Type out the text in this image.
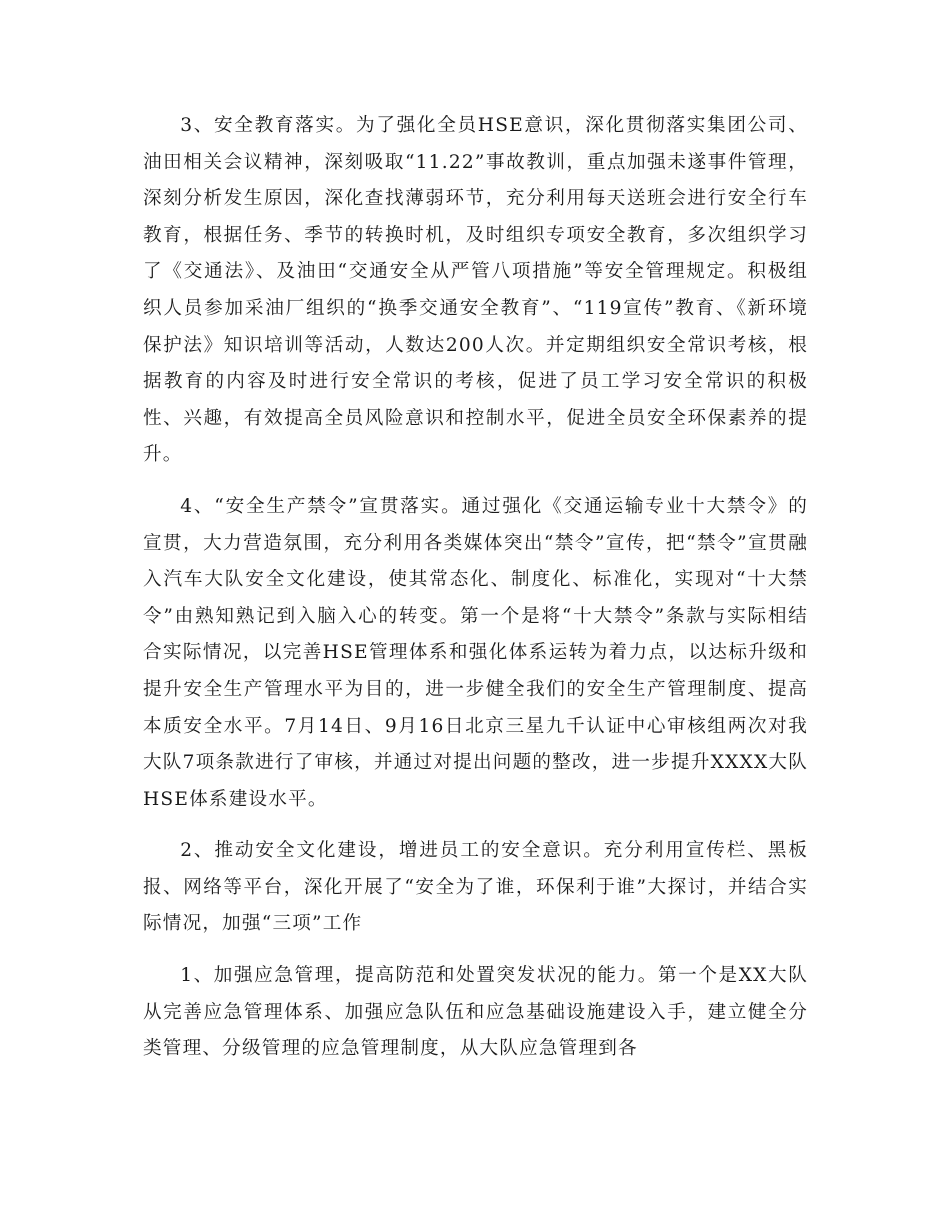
3、安全教育落实。为了强化全员HSE意识，深化贯彻落实集团公司、油田相关会议精神，深刻吸取“11.22”事故教训，重点加强未遂事件管理，深刻分析发生原因，深化查找薄弱环节，充分利用每天送班会进行安全行车教育，根据任务、季节的转换时机，及时组织专项安全教育，多次组织学习了《交通法》、及油田“交通安全从严管八项措施”等安全管理规定。积极组织人员参加采油厂组织的“换季交通安全教育”、“119宣传”教育、《新环境保护法》知识培训等活动，人数达200人次。并定期组织安全常识考核，根据教育的内容及时进行安全常识的考核，促进了员工学习安全常识的积极性、兴趣，有效提高全员风险意识和控制水平，促进全员安全环保素养的提升。

4、“安全生产禁令”宣贯落实。通过强化《交通运输专业十大禁令》的宣贯，大力营造氛围，充分利用各类媒体突出“禁令”宣传，把“禁令”宣贯融入汽车大队安全文化建设，使其常态化、制度化、标准化，实现对“十大禁令”由熟知熟记到入脑入心的转变。第一个是将“十大禁令”条款与实际相结合实际情况，以完善HSE管理体系和强化体系运转为着力点，以达标升级和提升安全生产管理水平为目的，进一步健全我们的安全生产管理制度、提高本质安全水平。7月14日、9月16日北京三星九千认证中心审核组两次对我大队7项条款进行了审核，并通过对提出问题的整改，进一步提升XXXX大队HSE体系建设水平。

2、推动安全文化建设，增进员工的安全意识。充分利用宣传栏、黑板报、网络等平台，深化开展了“安全为了谁，环保利于谁”大探讨，并结合实际情况，加强“三项”工作

1、加强应急管理，提高防范和处置突发状况的能力。第一个是XX大队从完善应急管理体系、加强应急队伍和应急基础设施建设入手，建立健全分类管理、分级管理的应急管理制度，从大队应急管理到各
